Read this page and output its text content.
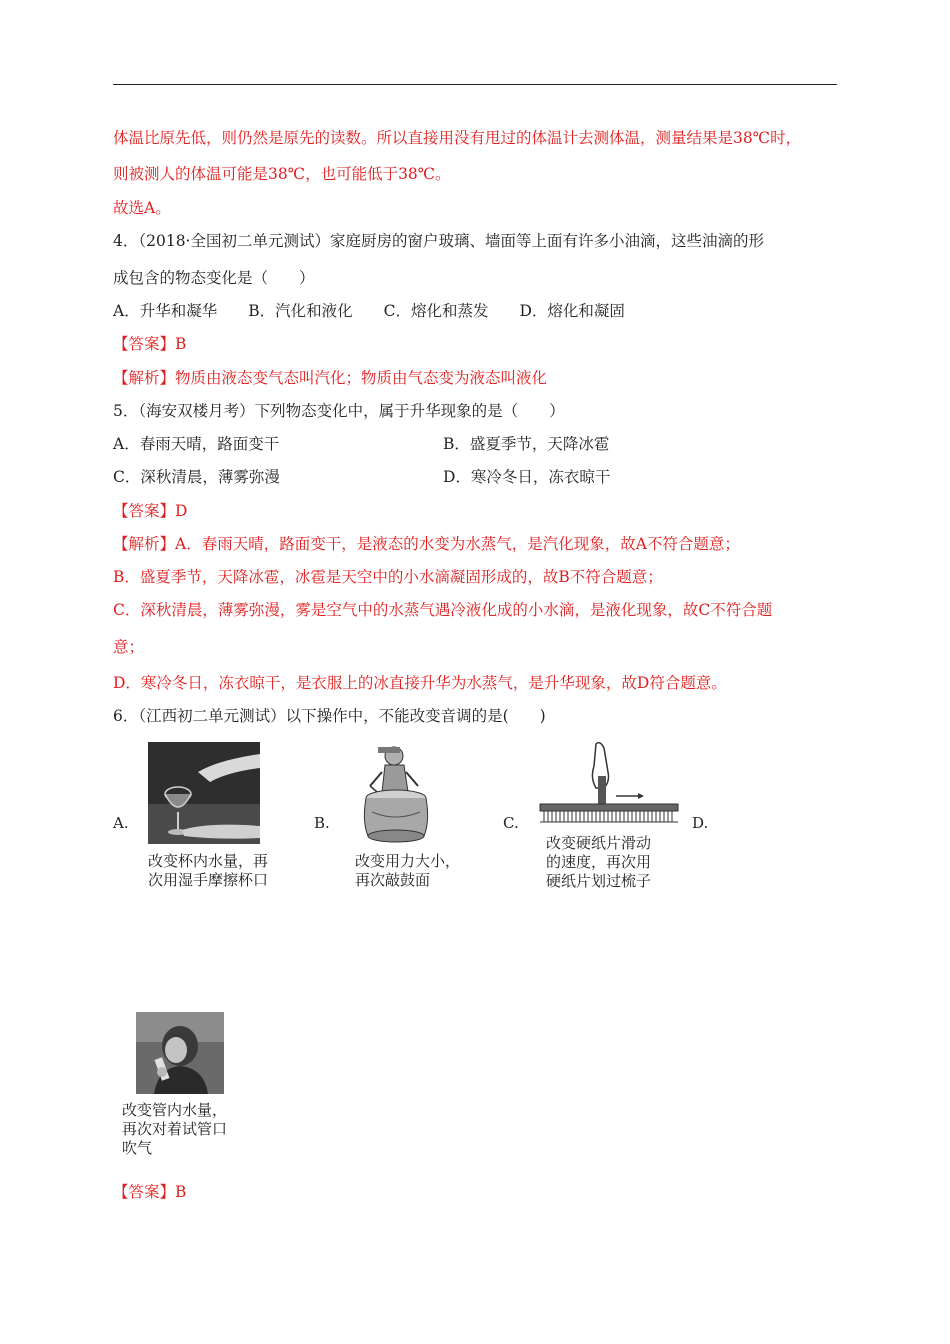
体温比原先低，则仍然是原先的读数。所以直接用没有甩过的体温计去测体温，测量结果是38℃时，
则被测人的体温可能是38℃，也可能低于38℃。
故选A。
4．（2018·全国初二单元测试）家庭厨房的窗户玻璃、墙面等上面有许多小油滴，这些油滴的形
成包含的物态变化是（　　）
A．升华和凝华　　B．汽化和液化　　C．熔化和蒸发　　D．熔化和凝固
【答案】B
【解析】物质由液态变气态叫汽化；物质由气态变为液态叫液化
5．（海安双楼月考）下列物态变化中，属于升华现象的是（　　）
A．春雨天晴，路面变干	B．盛夏季节，天降冰雹
C．深秋清晨，薄雾弥漫	D．寒冷冬日，冻衣晾干
【答案】D
【解析】A．春雨天晴，路面变干，是液态的水变为水蒸气，是汽化现象，故A不符合题意；
B．盛夏季节，天降冰雹，冰雹是天空中的小水滴凝固形成的，故B不符合题意；
C．深秋清晨，薄雾弥漫，雾是空气中的水蒸气遇冷液化成的小水滴，是液化现象，故C不符合题
意；
D．寒冷冬日，冻衣晾干，是衣服上的冰直接升华为水蒸气，是升华现象，故D符合题意。
6．（江西初二单元测试）以下操作中，不能改变音调的是(　　)
A.
改变杯内水量，再
次用湿手摩擦杯口
B.
改变用力大小，
再次敲鼓面
C.
改变硬纸片滑动
的速度，再次用
硬纸片划过梳子
D.
改变管内水量，
再次对着试管口
吹气
【答案】B
